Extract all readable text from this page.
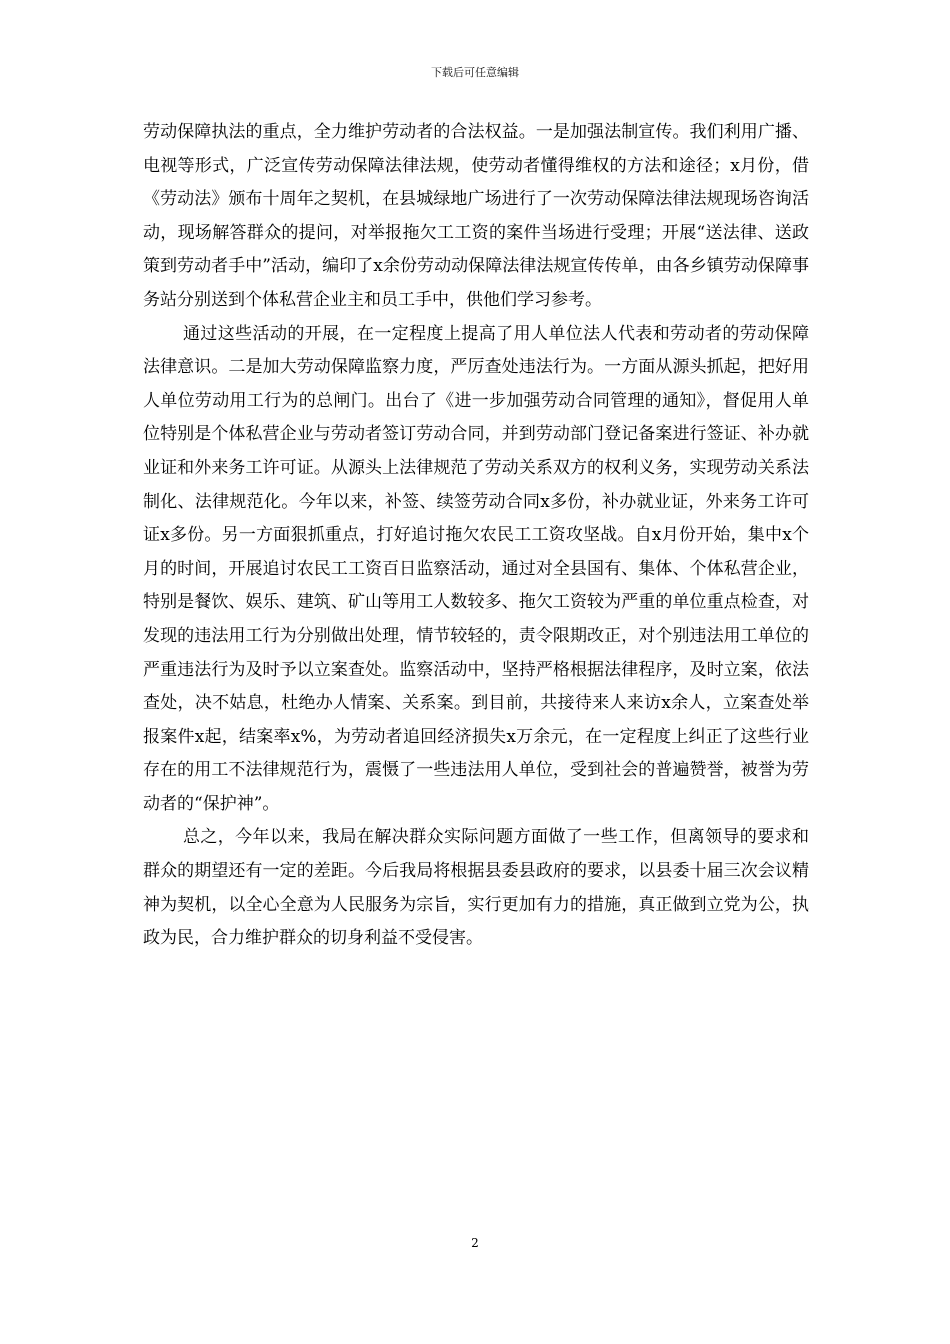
下载后可任意编辑

劳动保障执法的重点，全力维护劳动者的合法权益。一是加强法制宣传。我们利用广播、电视等形式，广泛宣传劳动保障法律法规，使劳动者懂得维权的方法和途径；x月份，借《劳动法》颁布十周年之契机，在县城绿地广场进行了一次劳动保障法律法规现场咨询活动，现场解答群众的提问，对举报拖欠工工资的案件当场进行受理；开展“送法律、送政策到劳动者手中”活动，编印了x余份劳动动保障法律法规宣传传单，由各乡镇劳动保障事务站分别送到个体私营企业主和员工手中，供他们学习参考。

通过这些活动的开展，在一定程度上提高了用人单位法人代表和劳动者的劳动保障法律意识。二是加大劳动保障监察力度，严厉查处违法行为。一方面从源头抓起，把好用人单位劳动用工行为的总闸门。出台了《进一步加强劳动合同管理的通知》，督促用人单位特别是个体私营企业与劳动者签订劳动合同，并到劳动部门登记备案进行签证、补办就业证和外来务工许可证。从源头上法律规范了劳动关系双方的权利义务，实现劳动关系法制化、法律规范化。今年以来，补签、续签劳动合同x多份，补办就业证，外来务工许可证x多份。另一方面狠抓重点，打好追讨拖欠农民工工资攻坚战。自x月份开始，集中x个月的时间，开展追讨农民工工资百日监察活动，通过对全县国有、集体、个体私营企业，特别是餐饮、娱乐、建筑、矿山等用工人数较多、拖欠工资较为严重的单位重点检查，对发现的违法用工行为分别做出处理，情节较轻的，责令限期改正，对个别违法用工单位的严重违法行为及时予以立案查处。监察活动中，坚持严格根据法律程序，及时立案，依法查处，决不姑息，杜绝办人情案、关系案。到目前，共接待来人来访x余人，立案查处举报案件x起，结案率x%，为劳动者追回经济损失x万余元，在一定程度上纠正了这些行业存在的用工不法律规范行为，震慑了一些违法用人单位，受到社会的普遍赞誉，被誉为劳动者的“保护神”。

总之，今年以来，我局在解决群众实际问题方面做了一些工作，但离领导的要求和群众的期望还有一定的差距。今后我局将根据县委县政府的要求，以县委十届三次会议精神为契机，以全心全意为人民服务为宗旨，实行更加有力的措施，真正做到立党为公，执政为民，合力维护群众的切身利益不受侵害。

2
